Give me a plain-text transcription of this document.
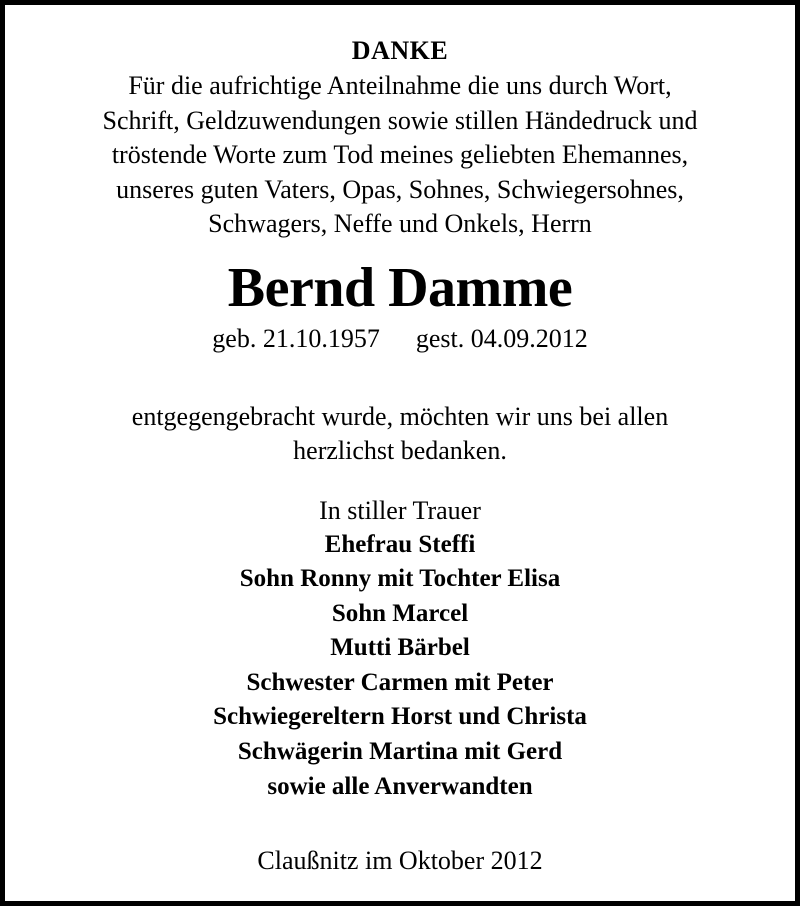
DANKE
Für die aufrichtige Anteilnahme die uns durch Wort,
Schrift, Geldzuwendungen sowie stillen Händedruck und
tröstende Worte zum Tod meines geliebten Ehemannes,
unseres guten Vaters, Opas, Sohnes, Schwiegersohnes,
Schwagers, Neffe und Onkels, Herrn
Bernd Damme
geb. 21.10.1957 gest. 04.09.2012
entgegengebracht wurde, möchten wir uns bei allen
herzlichst bedanken.
In stiller Trauer
Ehefrau Steffi
Sohn Ronny mit Tochter Elisa
Sohn Marcel
Mutti Bärbel
Schwester Carmen mit Peter
Schwiegereltern Horst und Christa
Schwägerin Martina mit Gerd
sowie alle Anverwandten
Claußnitz im Oktober 2012
